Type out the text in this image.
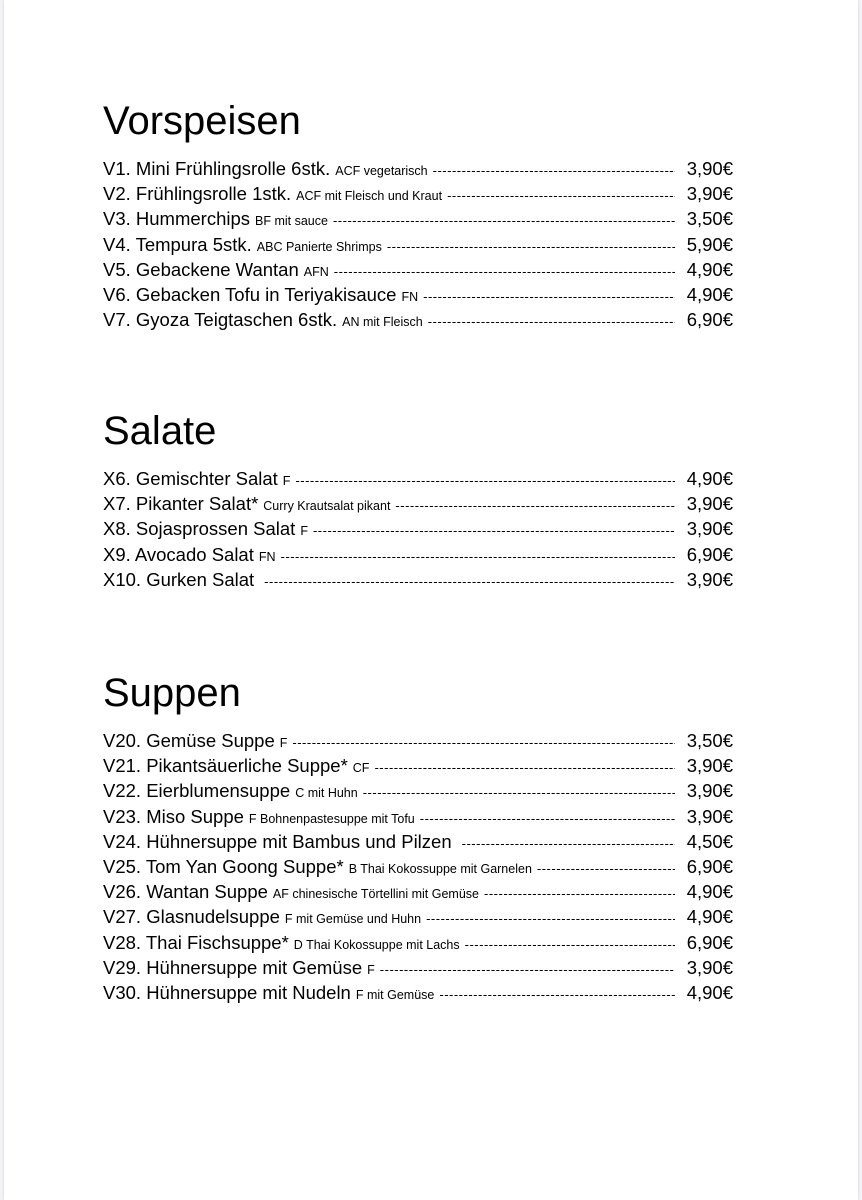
Vorspeisen
V1. Mini Frühlingsrolle 6stk. ACF vegetarisch -----	3,90€
V2. Frühlingsrolle 1stk. ACF mit Fleisch und Kraut -----	3,90€
V3. Hummerchips BF mit sauce -----	3,50€
V4. Tempura 5stk. ABC Panierte Shrimps -----	5,90€
V5. Gebackene Wantan AFN -----	4,90€
V6. Gebacken Tofu in Teriyakisauce FN -----	4,90€
V7. Gyoza Teigtaschen 6stk. AN mit Fleisch -----	6,90€
Salate
X6. Gemischter Salat F -----	4,90€
X7. Pikanter Salat* Curry Krautsalat pikant -----	3,90€
X8. Sojasprossen Salat F -----	3,90€
X9. Avocado Salat FN -----	6,90€
X10. Gurken Salat -----	3,90€
Suppen
V20. Gemüse Suppe F -----	3,50€
V21. Pikantsäuerliche Suppe* CF -----	3,90€
V22. Eierblumensuppe C mit Huhn -----	3,90€
V23. Miso Suppe F Bohnenpastesuppe mit Tofu -----	3,90€
V24. Hühnersuppe mit Bambus und Pilzen -----	4,50€
V25. Tom Yan Goong Suppe* B Thai Kokossuppe mit Garnelen -----	6,90€
V26. Wantan Suppe AF chinesische Törtellini mit Gemüse -----	4,90€
V27. Glasnudelsuppe F mit Gemüse und Huhn -----	4,90€
V28. Thai Fischsuppe* D Thai Kokossuppe mit Lachs -----	6,90€
V29. Hühnersuppe mit Gemüse F -----	3,90€
V30. Hühnersuppe mit Nudeln F mit Gemüse -----	4,90€
